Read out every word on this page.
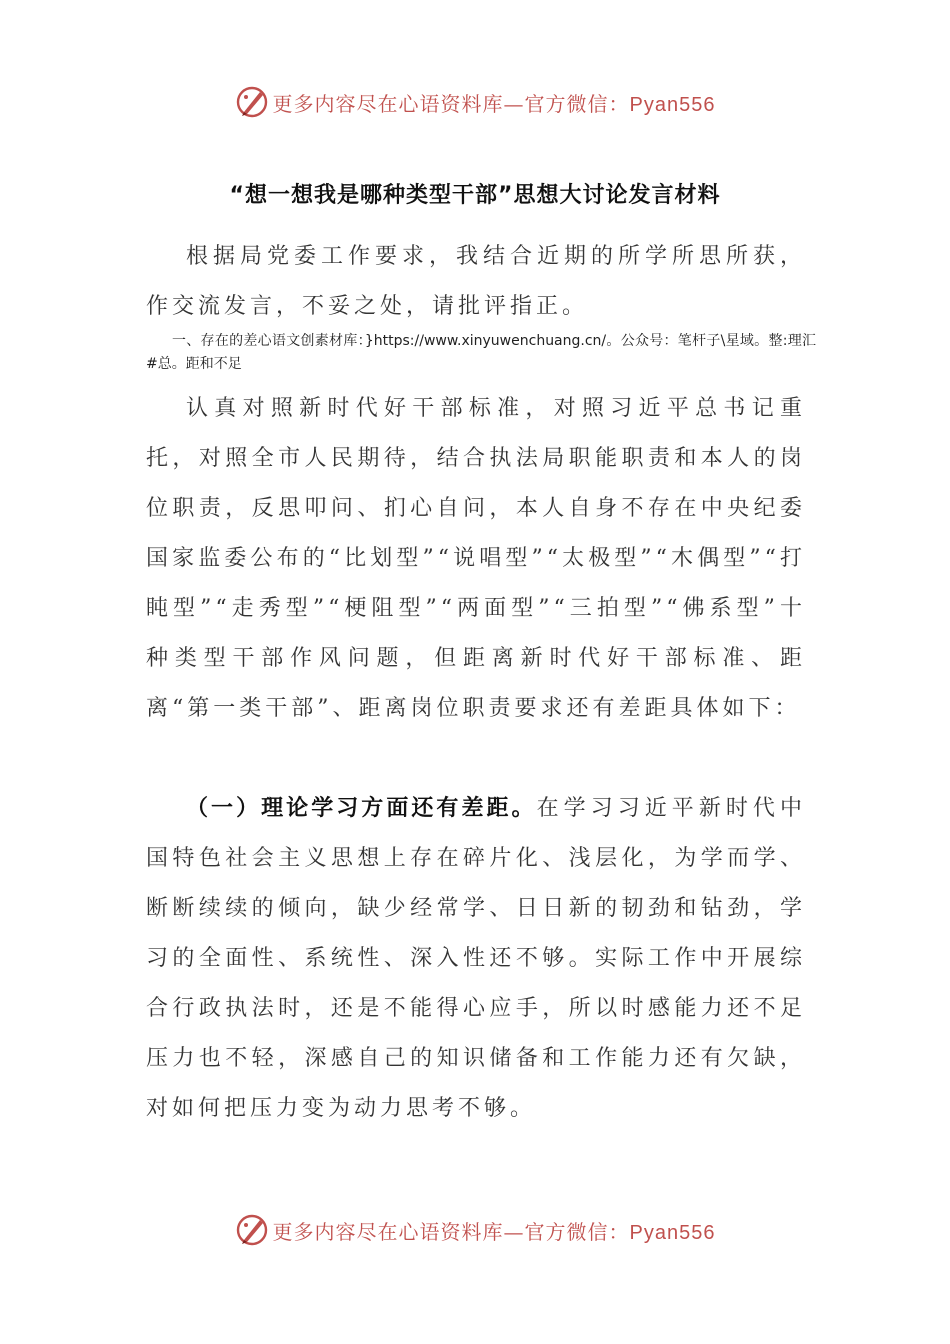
更多内容尽在心语资料库—官方微信：Pyan556
“想一想我是哪种类型干部”思想大讨论发言材料

根据局党委工作要求，我结合近期的所学所思所获，作交流发言，不妥之处，请批评指正。

一、存在的差心语文创素材库：}https://www.xinyuwenchuang.cn/。公众号：笔杆子\星域。整:理汇#总。距和不足

认真对照新时代好干部标准，对照习近平总书记重托，对照全市人民期待，结合执法局职能职责和本人的岗位职责，反思叩问、扪心自问，本人自身不存在中央纪委国家监委公布的“比划型”“说唱型”“太极型”“木偶型”“打盹型”“走秀型”“梗阻型”“两面型”“三拍型”“佛系型”十种类型干部作风问题，但距离新时代好干部标准、距离“第一类干部”、距离岗位职责要求还有差距具体如下：

（一）理论学习方面还有差距。在学习习近平新时代中国特色社会主义思想上存在碎片化、浅层化，为学而学、断断续续的倾向，缺少经常学、日日新的韧劲和钻劲，学习的全面性、系统性、深入性还不够。实际工作中开展综合行政执法时，还是不能得心应手，所以时感能力还不足压力也不轻，深感自己的知识储备和工作能力还有欠缺，对如何把压力变为动力思考不够。

更多内容尽在心语资料库—官方微信：Pyan556
